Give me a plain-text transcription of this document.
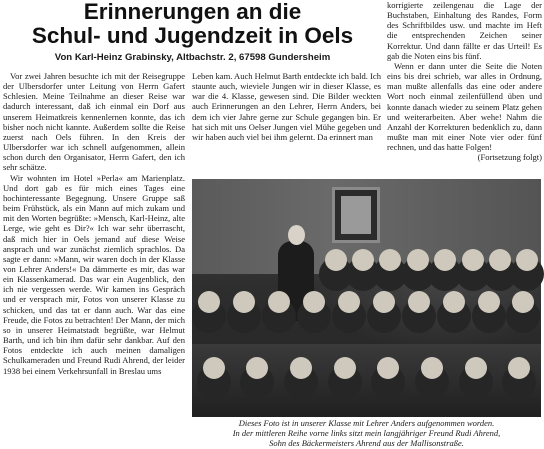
Erinnerungen an die
Schul- und Jugendzeit in Oels
Von Karl-Heinz Grabinsky, Altbachstr. 2, 67598 Gundersheim

Vor zwei Jahren besuchte ich mit der Reisegruppe der Ulbersdorfer unter Leitung von Herrn Gafert Schlesien. Meine Teilnahme an dieser Reise war dadurch interessant, daß ich einmal ein Dorf aus unserem Heimatkreis kennenlernen konnte, das ich bisher noch nicht kannte. Außerdem sollte die Reise zuerst nach Oels führen. In den Kreis der Ulbersdorfer war ich schnell aufgenommen, allein schon durch den Organisator, Herrn Gafert, den ich sehr schätze.

Wir wohnten im Hotel »Perla« am Marienplatz. Und dort gab es für mich eines Tages eine hochinteressante Begegnung. Unsere Gruppe saß beim Frühstück, als ein Mann auf mich zukam und mit den Worten begrüßte: »Mensch, Karl-Heinz, alte Lerge, wie geht es Dir?« Ich war sehr überrascht, daß mich hier in Oels jemand auf diese Weise ansprach und war zunächst ziemlich sprachlos. Da sagte er dann: »Mann, wir waren doch in der Klasse von Lehrer Anders!« Da dämmerte es mir, das war ein Klassenkamerad. Das war ein Augenblick, den ich nie vergessen werde. Wir kamen ins Gespräch und er versprach mir, Fotos von unserer Klasse zu schicken, und das tat er dann auch. War das eine Freude, die Fotos zu betrachten! Der Mann, der mich so in unserer Heimatstadt begrüßte, war Helmut Barth, und ich bin ihm dafür sehr dankbar. Auf den Fotos entdeckte ich auch meinen damaligen Schulkameraden und Freund Rudi Ahrend, der leider 1938 bei einem Verkehrsunfall in Breslau ums

Leben kam. Auch Helmut Barth entdeckte ich bald. Ich staunte auch, wieviele Jungen wir in dieser Klasse, es war die 4. Klasse, gewesen sind. Die Bilder weckten auch Erinnerungen an den Lehrer, Herrn Anders, bei dem ich vier Jahre gerne zur Schule gegangen bin. Er hat sich mit uns Oelser Jungen viel Mühe gegeben und wir haben auch viel bei ihm gelernt. Da erinnert man

korrigierte zeilengenau die Lage der Buchstaben, Einhaltung des Randes, Form des Schriftbildes usw. und machte im Heft die entsprechenden Zeichen seiner Korrektur. Und dann fällte er das Urteil! Es gab die Noten eins bis fünf.

Wenn er dann unter die Seite die Noten eins bis drei schrieb, war alles in Ordnung, man mußte allenfalls das eine oder andere Wort noch einmal zeilenfüllend üben und konnte danach wieder zu seinem Platz gehen und weiterarbeiten. Aber wehe! Nahm die Anzahl der Korrekturen bedenklich zu, dann mußte man mit einer Note vier oder fünf rechnen, und das hatte Folgen!

(Fortsetzung folgt)

Dieses Foto ist in unserer Klasse mit Lehrer Anders aufgenommen worden.
In der mittleren Reihe vorne links sitzt mein langjähriger Freund Rudi Ahrend,
Sohn des Bäckermeisters Ahrend aus der Mallisonstraße.
